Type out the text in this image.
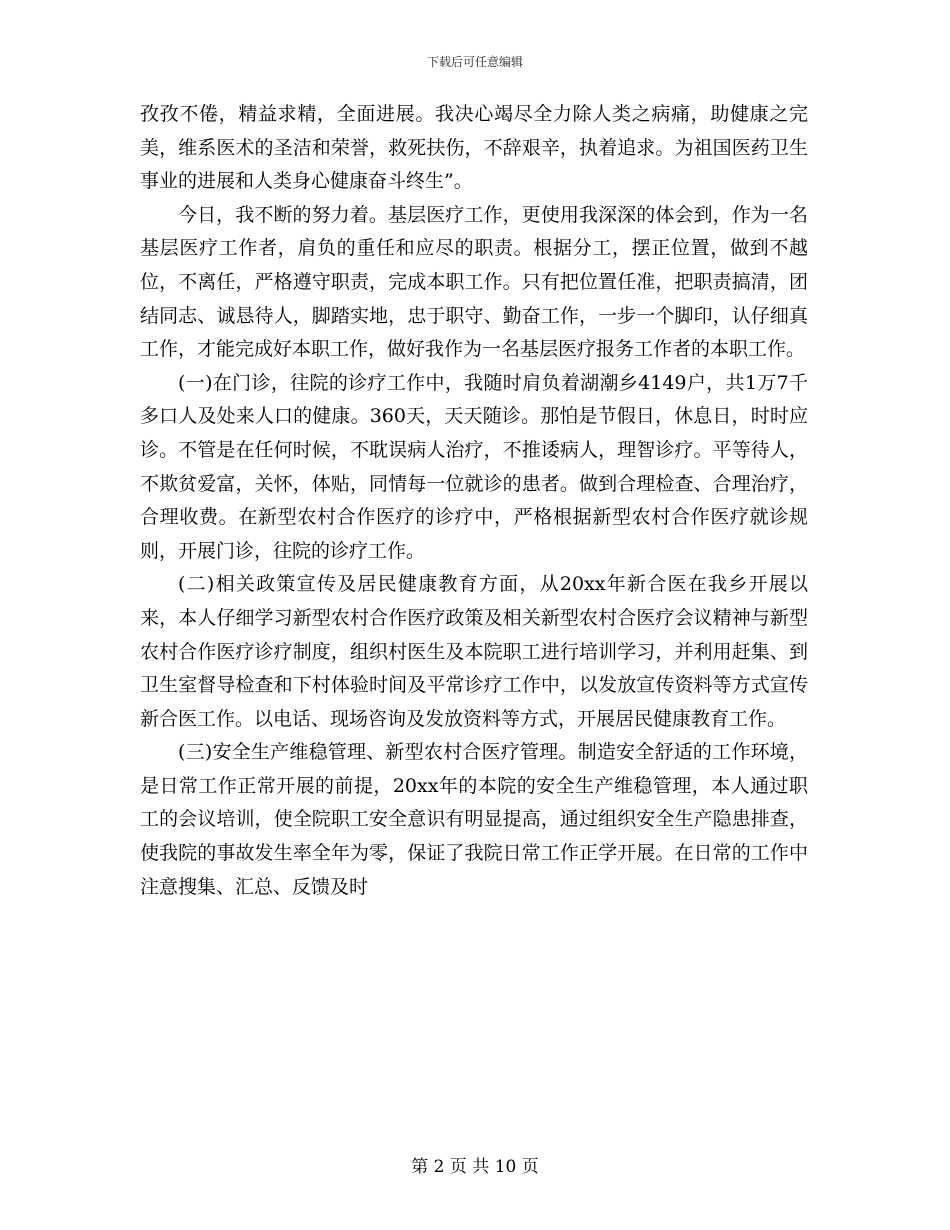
下载后可任意编辑

孜孜不倦，精益求精，全面进展。我决心竭尽全力除人类之病痛，助健康之完美，维系医术的圣洁和荣誉，救死扶伤，不辞艰辛，执着追求。为祖国医药卫生事业的进展和人类身心健康奋斗终生”。

今日，我不断的努力着。基层医疗工作，更使用我深深的体会到，作为一名基层医疗工作者，肩负的重任和应尽的职责。根据分工，摆正位置，做到不越位，不离任，严格遵守职责，完成本职工作。只有把位置任准，把职责搞清，团结同志、诚恳待人，脚踏实地，忠于职守、勤奋工作，一步一个脚印，认仔细真工作，才能完成好本职工作，做好我作为一名基层医疗报务工作者的本职工作。

(一)在门诊，往院的诊疗工作中，我随时肩负着湖潮乡4149户，共1万7千多口人及处来人口的健康。360天，天天随诊。那怕是节假日，休息日，时时应诊。不管是在任何时候，不耽误病人治疗，不推诿病人，理智诊疗。平等待人，不欺贫爱富，关怀，体贴，同情每一位就诊的患者。做到合理检查、合理治疗，合理收费。在新型农村合作医疗的诊疗中，严格根据新型农村合作医疗就诊规则，开展门诊，往院的诊疗工作。

(二)相关政策宣传及居民健康教育方面，从20xx年新合医在我乡开展以来，本人仔细学习新型农村合作医疗政策及相关新型农村合医疗会议精神与新型农村合作医疗诊疗制度，组织村医生及本院职工进行培训学习，并利用赶集、到卫生室督导检查和下村体验时间及平常诊疗工作中，以发放宣传资料等方式宣传新合医工作。以电话、现场咨询及发放资料等方式，开展居民健康教育工作。

(三)安全生产维稳管理、新型农村合医疗管理。制造安全舒适的工作环境，是日常工作正常开展的前提，20xx年的本院的安全生产维稳管理，本人通过职工的会议培训，使全院职工安全意识有明显提高，通过组织安全生产隐患排查，使我院的事故发生率全年为零，保证了我院日常工作正学开展。在日常的工作中注意搜集、汇总、反馈及时

第 2 页 共 10 页
